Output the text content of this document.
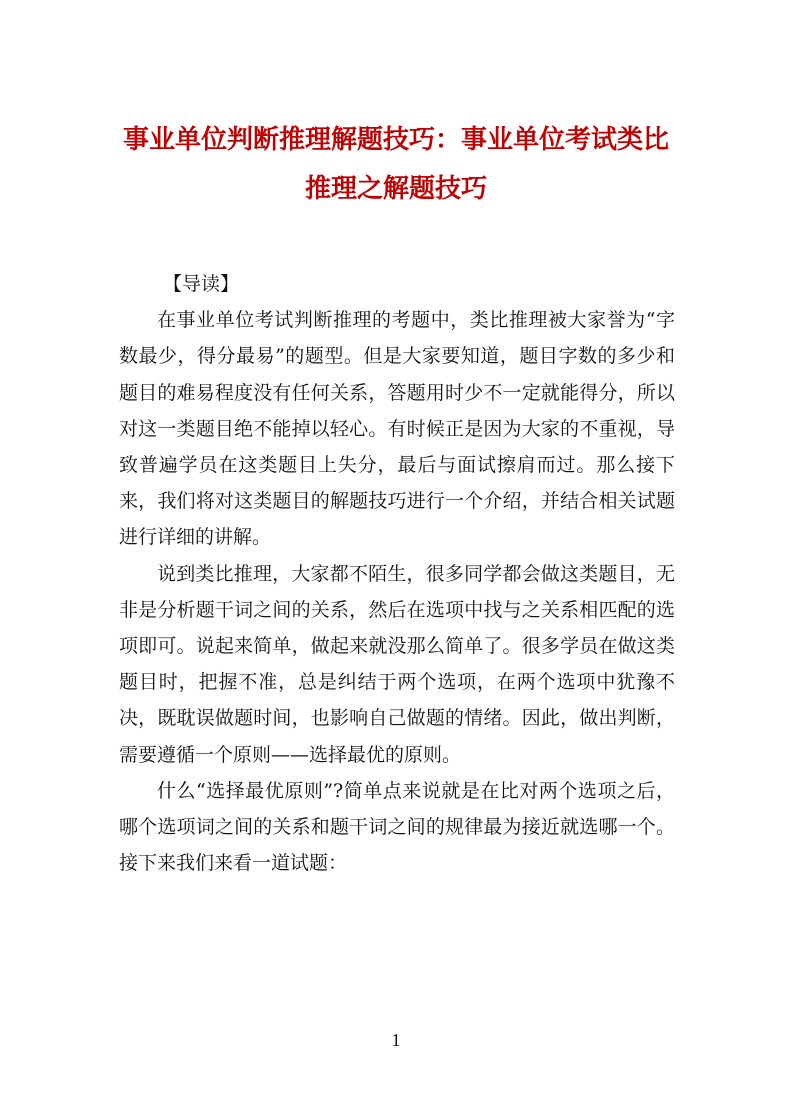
事业单位判断推理解题技巧：事业单位考试类比
推理之解题技巧

【导读】

在事业单位考试判断推理的考题中，类比推理被大家誉为“字数最少，得分最易”的题型。但是大家要知道，题目字数的多少和题目的难易程度没有任何关系，答题用时少不一定就能得分，所以对这一类题目绝不能掉以轻心。有时候正是因为大家的不重视，导致普遍学员在这类题目上失分，最后与面试擦肩而过。那么接下来，我们将对这类题目的解题技巧进行一个介绍，并结合相关试题进行详细的讲解。

说到类比推理，大家都不陌生，很多同学都会做这类题目，无非是分析题干词之间的关系，然后在选项中找与之关系相匹配的选项即可。说起来简单，做起来就没那么简单了。很多学员在做这类题目时，把握不准，总是纠结于两个选项，在两个选项中犹豫不决，既耽误做题时间，也影响自己做题的情绪。因此，做出判断，需要遵循一个原则——选择最优的原则。

什么“选择最优原则”?简单点来说就是在比对两个选项之后，哪个选项词之间的关系和题干词之间的规律最为接近就选哪一个。接下来我们来看一道试题：

1
